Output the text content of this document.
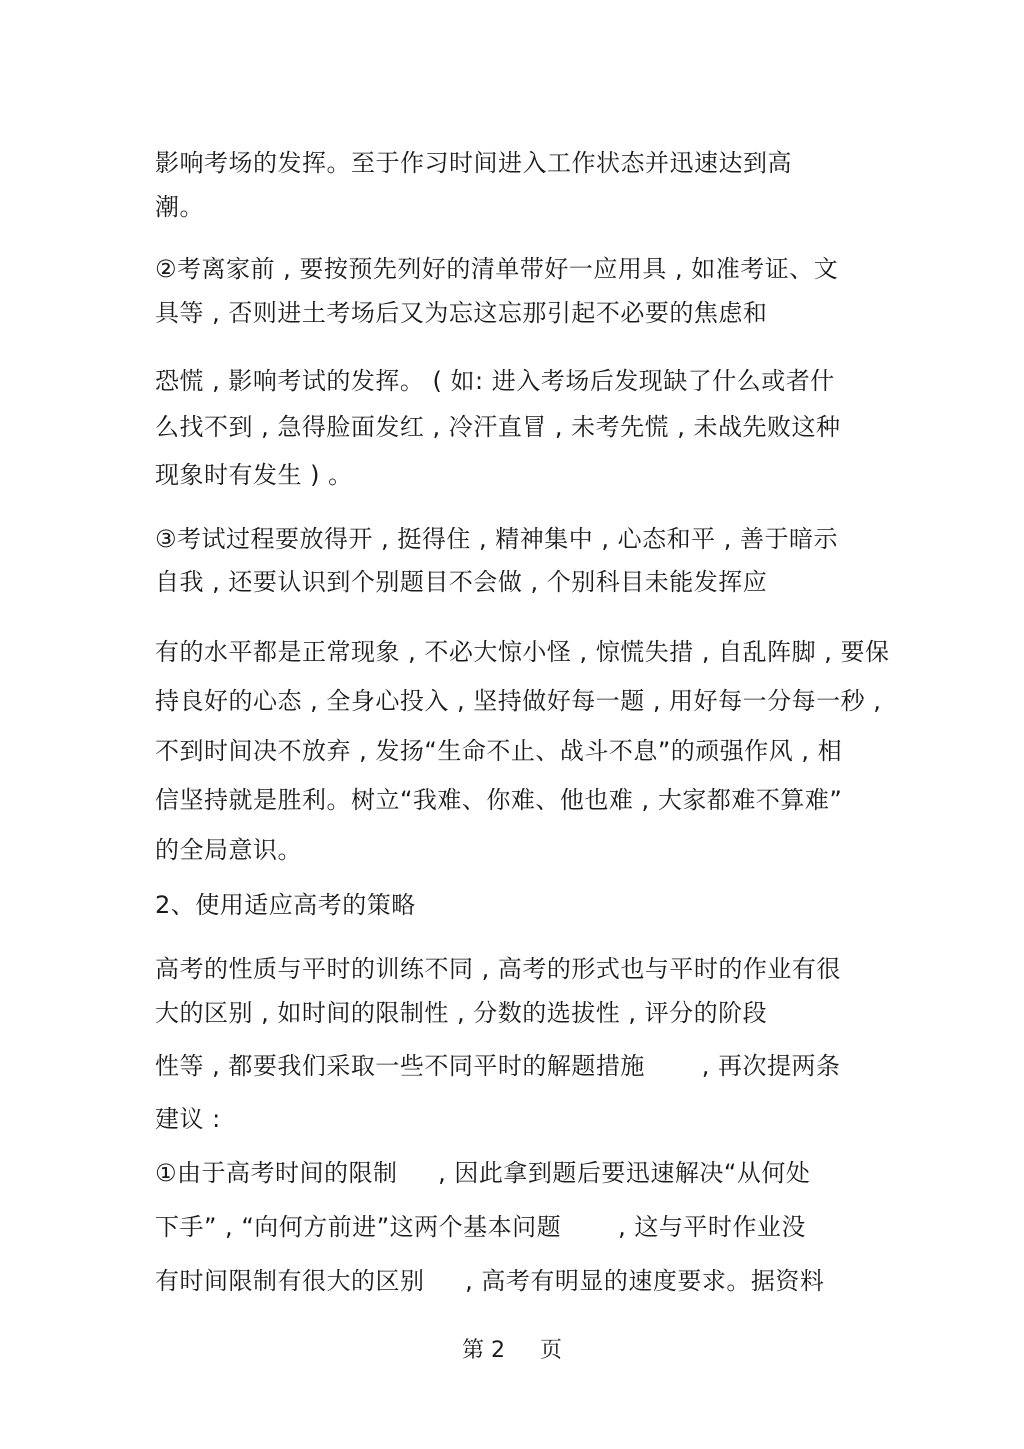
影响考场的发挥。至于作习时间进入工作状态并迅速达到高
潮。
②考离家前 , 要按预先列好的清单带好一应用具 , 如准考证、文
具等 , 否则进土考场后又为忘这忘那引起不必要的焦虑和
恐慌 , 影响考试的发挥。 ( 如: 进入考场后发现缺了什么或者什
么找不到 , 急得脸面发红 , 冷汗直冒 , 未考先慌 , 未战先败这种
现象时有发生 ) 。
③考试过程要放得开 , 挺得住 , 精神集中 , 心态和平 , 善于暗示
自我 , 还要认识到个别题目不会做 , 个别科目未能发挥应
有的水平都是正常现象 , 不必大惊小怪 , 惊慌失措 , 自乱阵脚 , 要保
持良好的心态 , 全身心投入 , 坚持做好每一题 , 用好每一分每一秒 ,
不到时间决不放弃 , 发扬“生命不止、战斗不息”的顽强作风 , 相
信坚持就是胜利。树立“我难、你难、他也难 , 大家都难不算难”
的全局意识。
2、使用适应高考的策略
高考的性质与平时的训练不同 , 高考的形式也与平时的作业有很
大的区别 , 如时间的限制性 , 分数的选拔性 , 评分的阶段
性等 , 都要我们采取一些不同平时的解题措施       , 再次提两条
建议 :
①由于高考时间的限制     , 因此拿到题后要迅速解决“从何处
下手” , “向何方前进”这两个基本问题       , 这与平时作业没
有时间限制有很大的区别     , 高考有明显的速度要求。据资料
第 2     页
